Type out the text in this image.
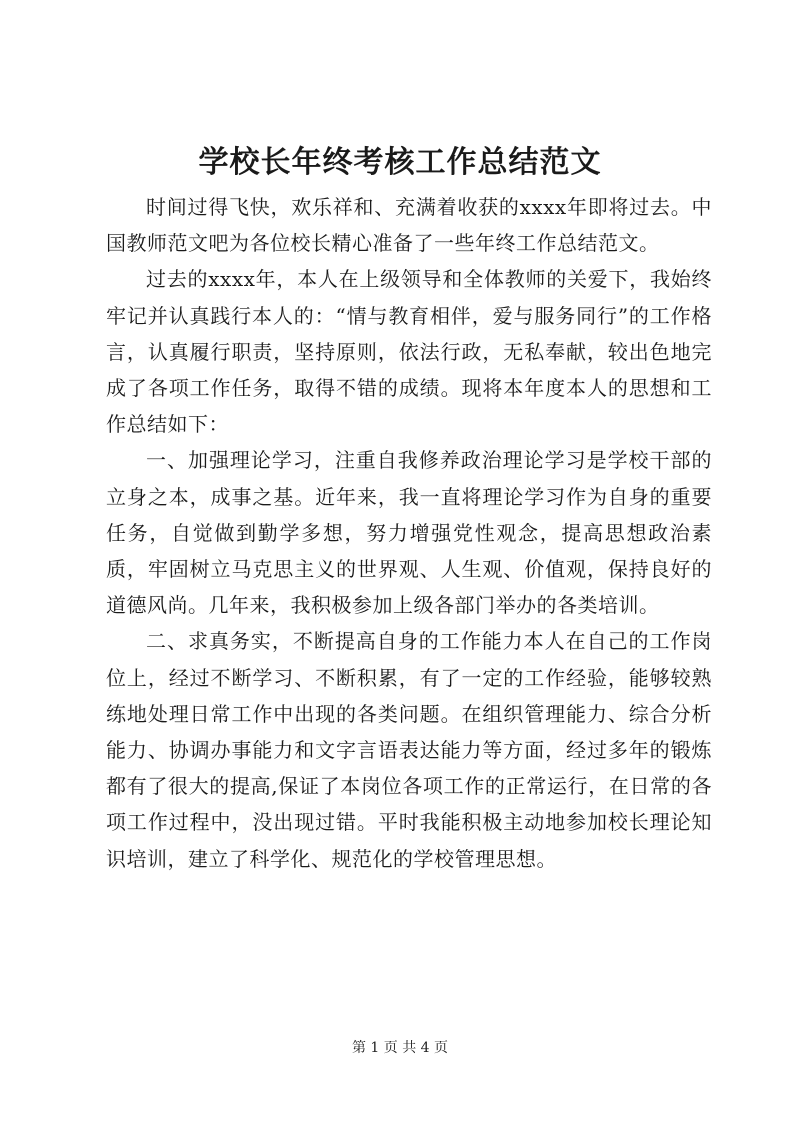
学校长年终考核工作总结范文

时间过得飞快，欢乐祥和、充满着收获的xxxx年即将过去。中国教师范文吧为各位校长精心准备了一些年终工作总结范文。

过去的xxxx年，本人在上级领导和全体教师的关爱下，我始终牢记并认真践行本人的：“情与教育相伴，爱与服务同行”的工作格言，认真履行职责，坚持原则，依法行政，无私奉献，较出色地完成了各项工作任务，取得不错的成绩。现将本年度本人的思想和工作总结如下：

一、加强理论学习，注重自我修养政治理论学习是学校干部的立身之本，成事之基。近年来，我一直将理论学习作为自身的重要任务，自觉做到勤学多想，努力增强党性观念，提高思想政治素质，牢固树立马克思主义的世界观、人生观、价值观，保持良好的道德风尚。几年来，我积极参加上级各部门举办的各类培训。

二、求真务实，不断提高自身的工作能力本人在自己的工作岗位上，经过不断学习、不断积累，有了一定的工作经验，能够较熟练地处理日常工作中出现的各类问题。在组织管理能力、综合分析能力、协调办事能力和文字言语表达能力等方面，经过多年的锻炼都有了很大的提高,保证了本岗位各项工作的正常运行，在日常的各项工作过程中，没出现过错。平时我能积极主动地参加校长理论知识培训，建立了科学化、规范化的学校管理思想。

第 1 页 共 4 页
